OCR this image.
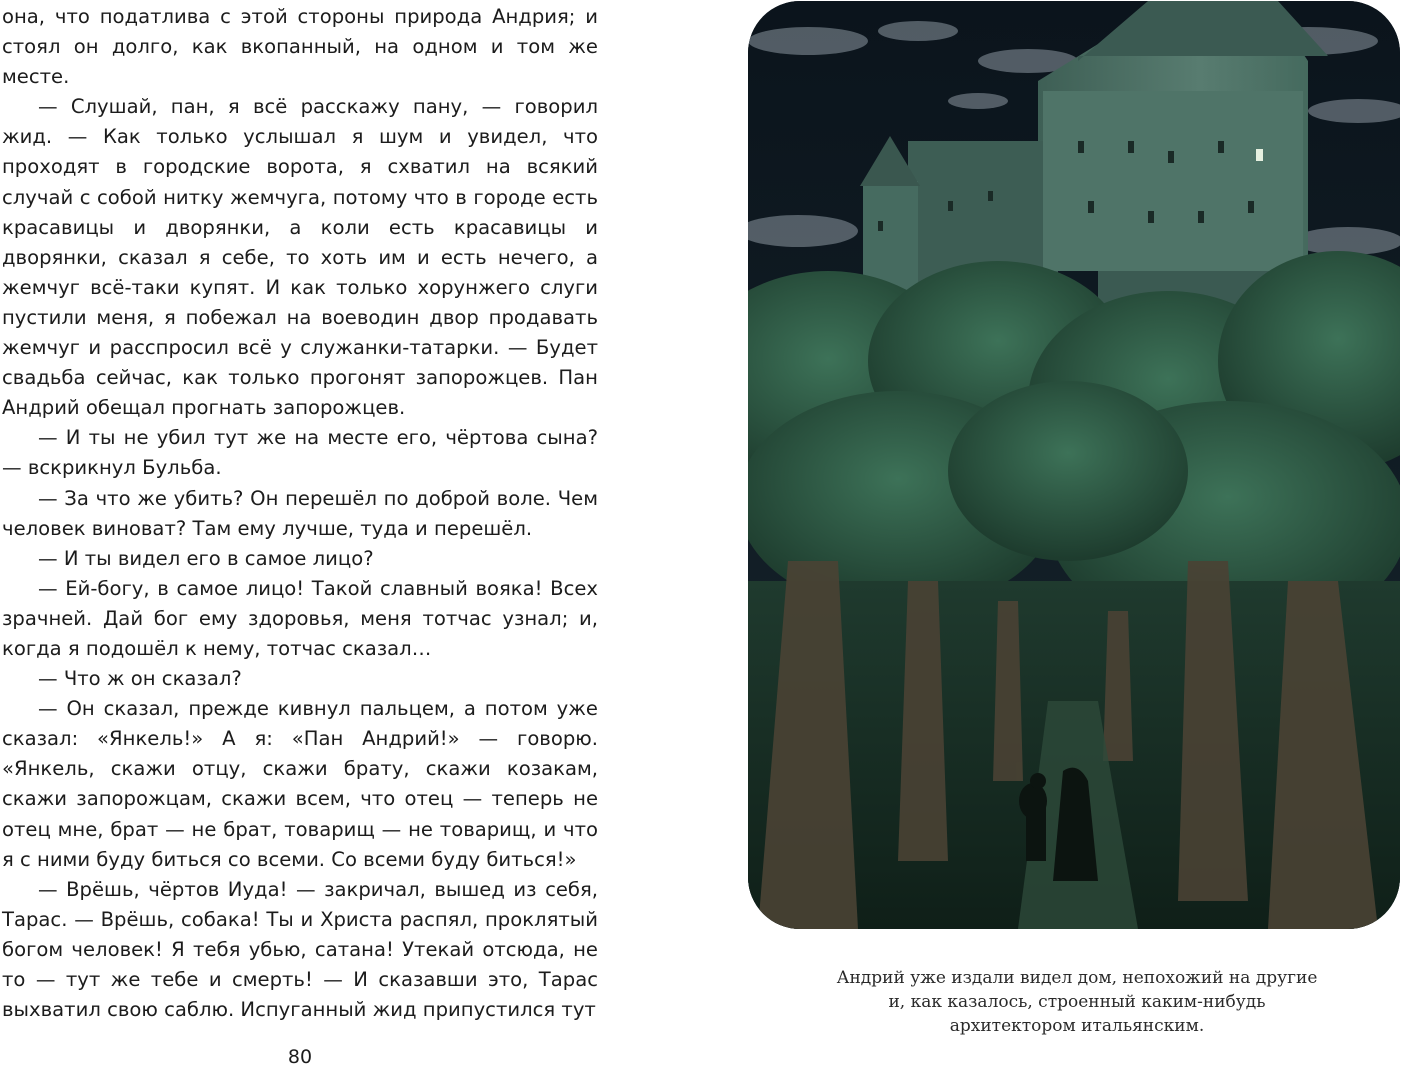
она, что податлива с этой стороны природа Андрия; и стоял он долго, как вкопанный, на одном и том же месте.

— Слушай, пан, я всё расскажу пану, — говорил жид. — Как только услышал я шум и увидел, что проходят в городские ворота, я схватил на всякий случай с собой нитку жемчуга, потому что в городе есть красавицы и дворянки, а коли есть красавицы и дворянки, сказал я себе, то хоть им и есть нечего, а жемчуг всё-таки купят. И как только хорунжего слуги пустили меня, я побежал на воеводин двор продавать жемчуг и расспросил всё у служанки-татарки. — Будет свадьба сейчас, как только прогонят запорожцев. Пан Андрий обещал прогнать запорожцев.

— И ты не убил тут же на месте его, чёртова сына? — вскрикнул Бульба.

— За что же убить? Он перешёл по доброй воле. Чем человек виноват? Там ему лучше, туда и перешёл.

— И ты видел его в самое лицо?

— Ей-богу, в самое лицо! Такой славный вояка! Всех зрачней. Дай бог ему здоровья, меня тотчас узнал; и, когда я подошёл к нему, тотчас сказал…

— Что ж он сказал?

— Он сказал, прежде кивнул пальцем, а потом уже сказал: «Янкель!» А я: «Пан Андрий!» — говорю. «Янкель, скажи отцу, скажи брату, скажи козакам, скажи запорожцам, скажи всем, что отец — теперь не отец мне, брат — не брат, товарищ — не товарищ, и что я с ними буду биться со всеми. Со всеми буду биться!»

— Врёшь, чёртов Иуда! — закричал, вышед из себя, Тарас. — Врёшь, собака! Ты и Христа распял, проклятый богом человек! Я тебя убью, сатана! Утекай отсюда, не то — тут же тебе и смерть! — И сказавши это, Тарас выхватил свою саблю. Испуганный жид припустился тут

80
Андрий уже издали видел дом, непохожий на другие
и, как казалось, строенный каким-нибудь
архитектором итальянским.
